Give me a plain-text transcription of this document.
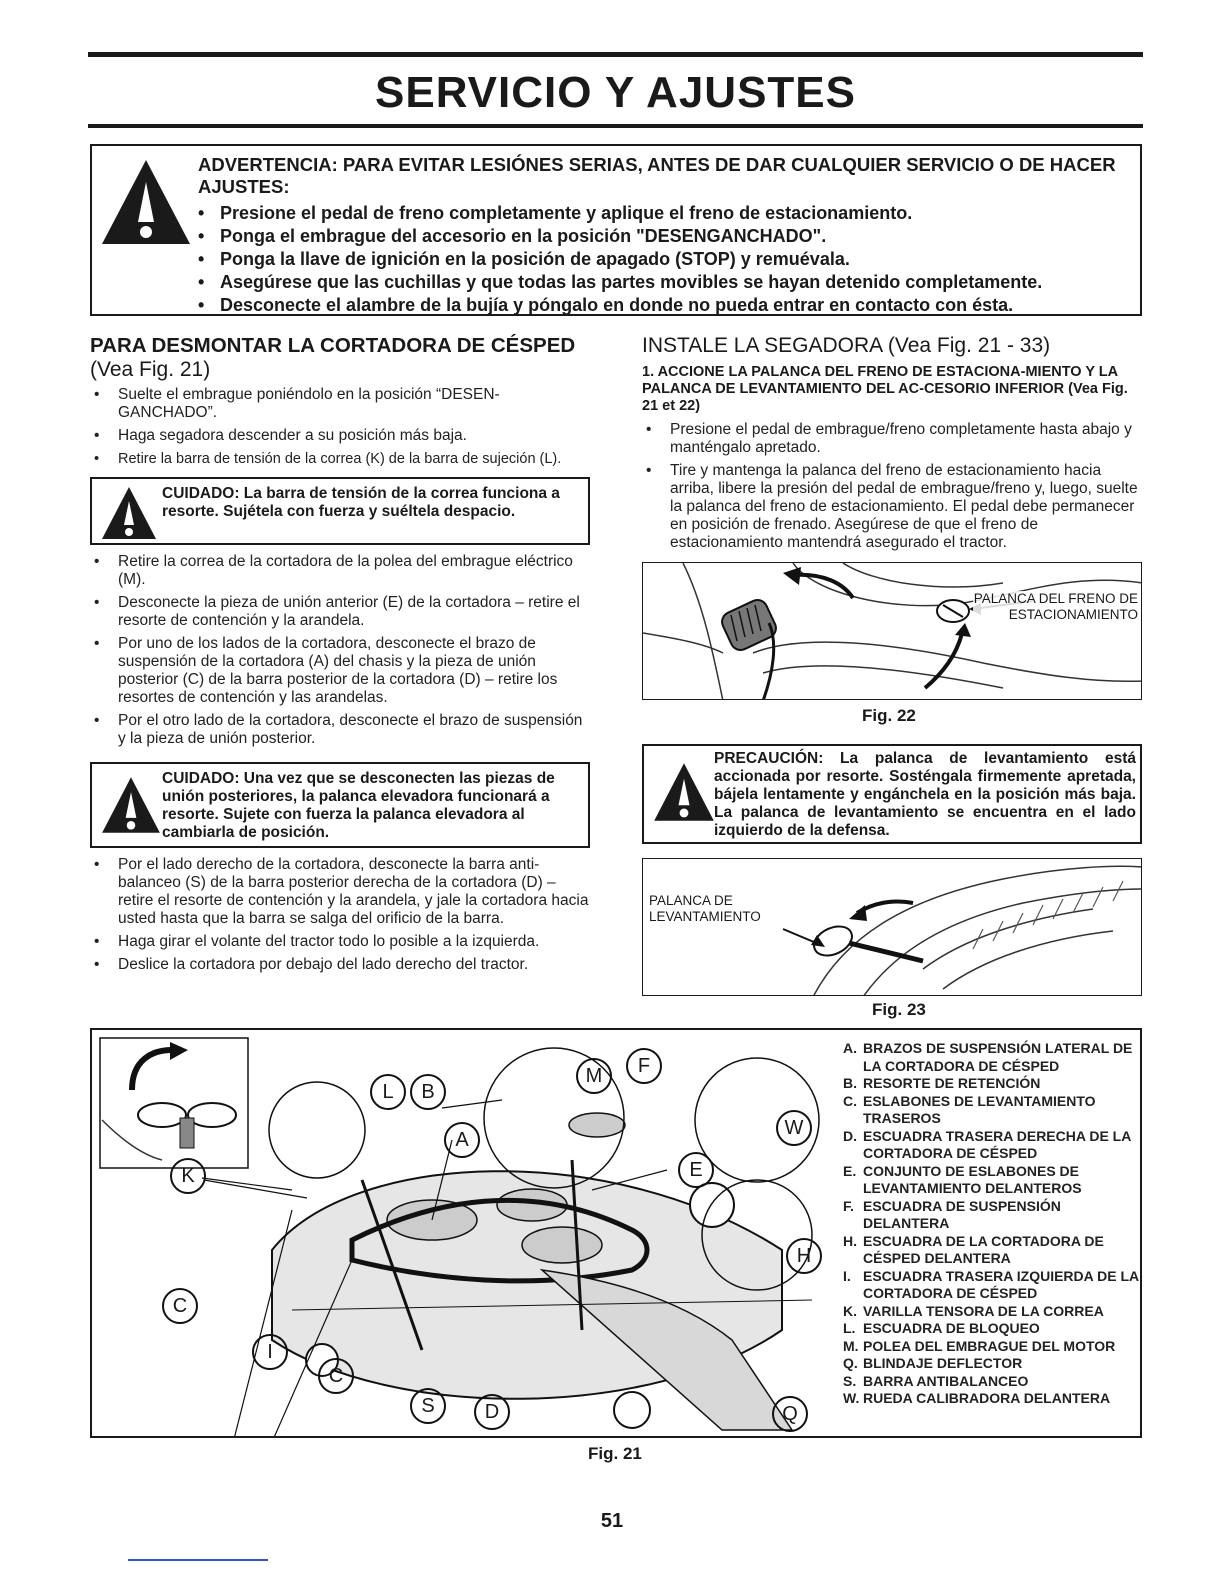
SERVICIO Y AJUSTES
ADVERTENCIA: PARA EVITAR LESIÓNES SERIAS, ANTES DE DAR CUALQUIER SERVICIO O DE HACER AJUSTES:
• Presione el pedal de freno completamente y aplique el freno de estacionamiento.
• Ponga el embrague del accesorio en la posición "DESENGANCHADO".
• Ponga la llave de ignición en la posición de apagado (STOP) y remuévala.
• Asegúrese que las cuchillas y que todas las partes movibles se hayan detenido completamente.
• Desconecte el alambre de la bujía y póngalo en donde no pueda entrar en contacto con ésta.
PARA DESMONTAR LA CORTADORA DE CÉSPED
(Vea Fig. 21)
• Suelte el embrague poniéndolo en la posición “DESEN-GANCHADO”.
• Haga segadora descender a su posición más baja.
• Retire la barra de tensión de la correa (K) de la barra de sujeción (L).
CUIDADO: La barra de tensión de la correa funciona a resorte. Sujétela con fuerza y suéltela despacio.
• Retire la correa de la cortadora de la polea del embrague eléctrico (M).
• Desconecte la pieza de unión anterior (E) de la cortadora – retire el resorte de contención y la arandela.
• Por uno de los lados de la cortadora, desconecte el brazo de suspensión de la cortadora (A) del chasis y la pieza de unión posterior (C) de la barra posterior de la cortadora (D) – retire los resortes de contención y las arandelas.
• Por el otro lado de la cortadora, desconecte el brazo de suspensión y la pieza de unión posterior.
CUIDADO: Una vez que se desconecten las piezas de unión posteriores, la palanca elevadora funcionará a resorte. Sujete con fuerza la palanca elevadora al cambiarla de posición.
• Por el lado derecho de la cortadora, desconecte la barra anti-balanceo (S) de la barra posterior derecha de la cortadora (D) – retire el resorte de contención y la arandela, y jale la cortadora hacia usted hasta que la barra se salga del orificio de la barra.
• Haga girar el volante del tractor todo lo posible a la izquierda.
• Deslice la cortadora por debajo del lado derecho del tractor.
INSTALE LA SEGADORA (Vea Fig. 21 - 33)
1. ACCIONE LA PALANCA DEL FRENO DE ESTACIONA-MIENTO Y LA PALANCA DE LEVANTAMIENTO DEL AC-CESORIO INFERIOR (Vea Fig. 21 et 22)
• Presione el pedal de embrague/freno completamente hasta abajo y manténgalo apretado.
• Tire y mantenga la palanca del freno de estacionamiento hacia arriba, libere la presión del pedal de embrague/freno y, luego, suelte la palanca del freno de estacionamiento. El pedal debe permanecer en posición de frenado. Asegúrese de que el freno de estacionamiento mantendrá asegurado el tractor.
PALANCA DEL FRENO DE ESTACIONAMIENTO
Fig. 22
PRECAUCIÓN: La palanca de levantamiento está accionada por resorte. Sosténgala firmemente apretada, bájela lentamente y engánchela en la posición más baja. La palanca de levantamiento se encuentra en el lado izquierdo de la defensa.
PALANCA DE
LEVANTAMIENTO
Fig. 23
L	B
M	F
W
A
E
K
H
C
I
C
S	D	Q
A. BRAZOS DE SUSPENSIÓN LATERAL DE LA CORTADORA DE CÉSPED
B. RESORTE DE RETENCIÓN
C. ESLABONES DE LEVANTAMIENTO TRASEROS
D. ESCUADRA TRASERA DERECHA DE LA CORTADORA DE CÉSPED
E. CONJUNTO DE ESLABONES DE LEVANTAMIENTO DELANTEROS
F. ESCUADRA DE SUSPENSIÓN DELANTERA
H. ESCUADRA DE LA CORTADORA DE CÉSPED DELANTERA
I. ESCUADRA TRASERA IZQUIERDA DE LA CORTADORA DE CÉSPED
K. VARILLA TENSORA DE LA CORREA
L. ESCUADRA DE BLOQUEO
M. POLEA DEL EMBRAGUE DEL MOTOR
Q. BLINDAJE DEFLECTOR
S. BARRA ANTIBALANCEO
W. RUEDA CALIBRADORA DELANTERA
Fig. 21
51
